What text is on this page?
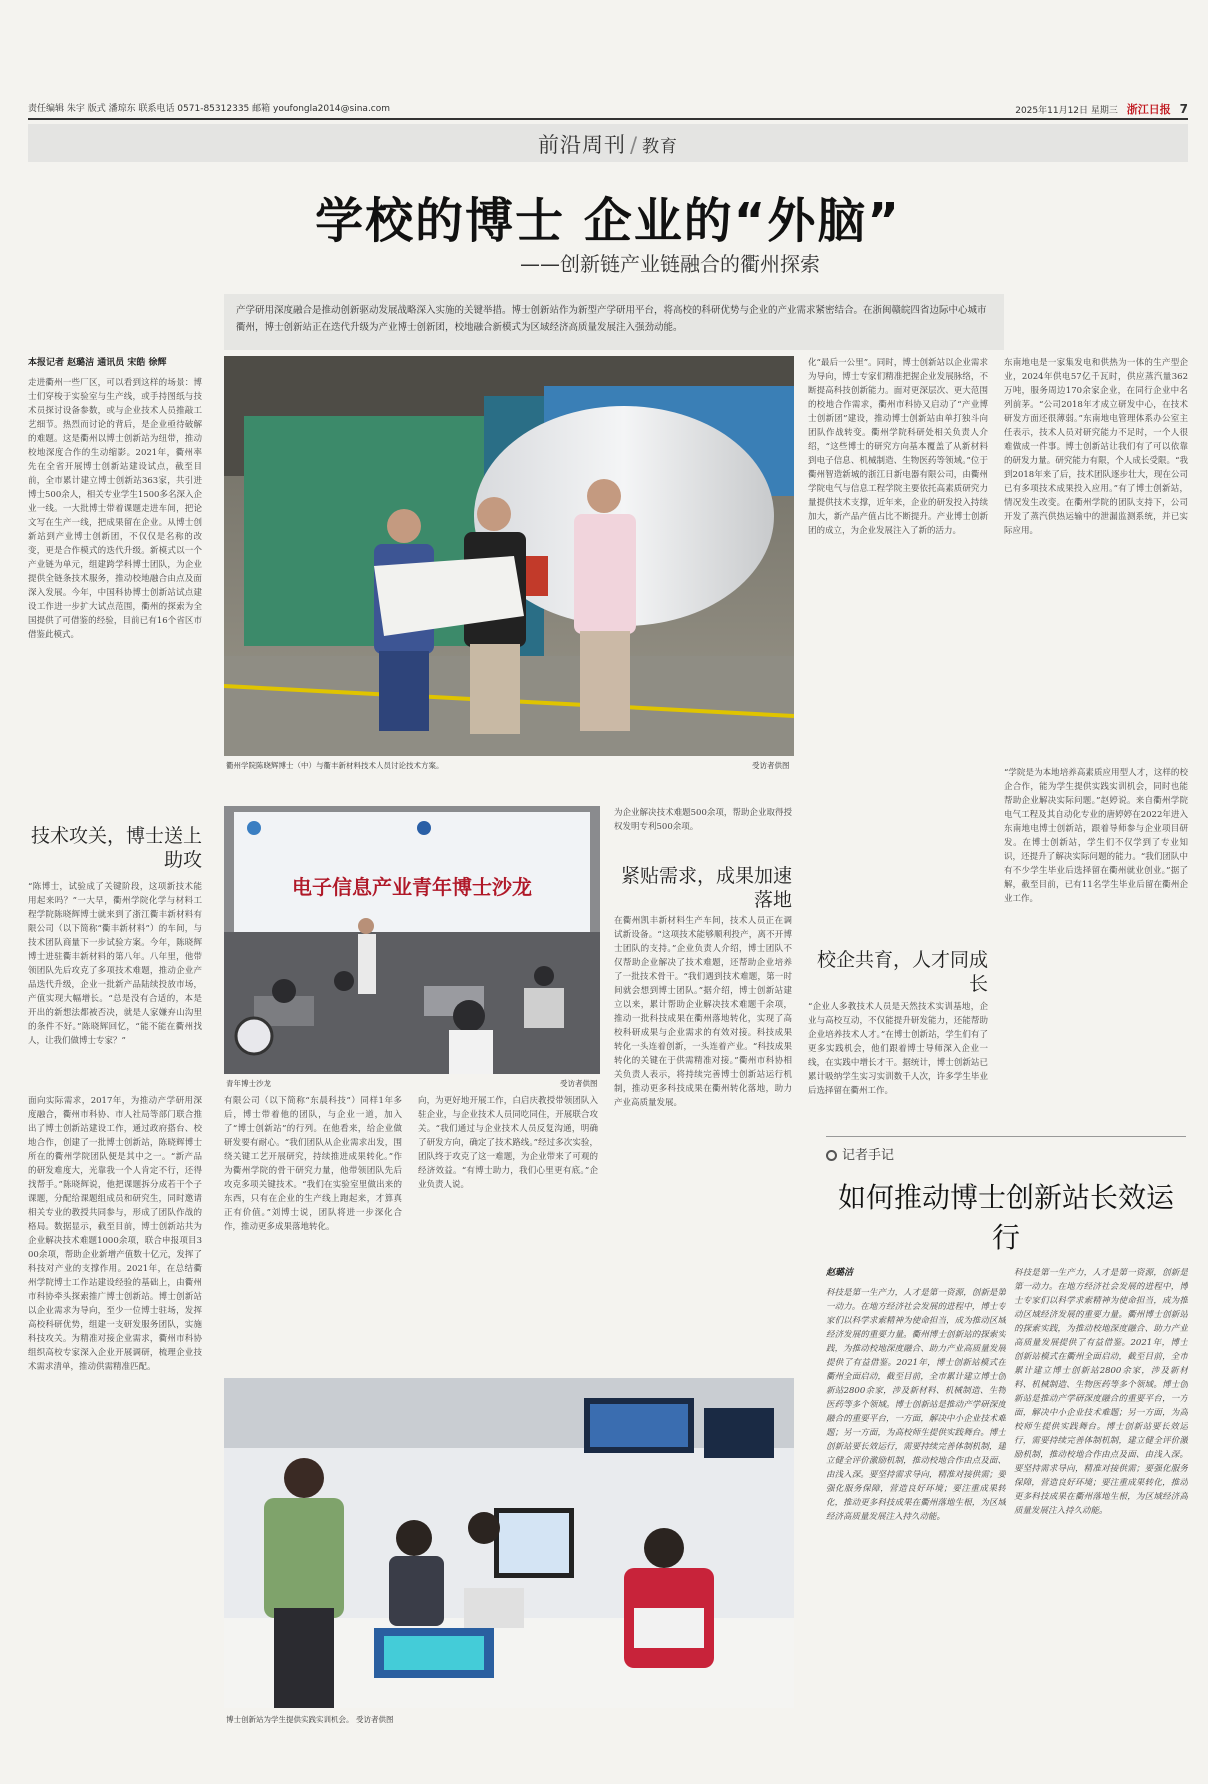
责任编辑 朱宇 版式 潘琼东 联系电话 0571-85312335 邮箱 youfongla2014@sina.com	2025年11月12日 星期三 浙江日报 7
前沿周刊 / 教育
学校的博士 企业的“外脑”
——创新链产业链融合的衢州探索
产学研用深度融合是推动创新驱动发展战略深入实施的关键举措。博士创新站作为新型产学研用平台，将高校的科研优势与企业的产业需求紧密结合。在浙闽赣皖四省边际中心城市衢州，博士创新站正在迭代升级为产业博士创新团，校地融合新模式为区域经济高质量发展注入强劲动能。
本报记者 赵璐洁 通讯员 宋皓 徐辉
走进衢州一些厂区，可以看到这样的场景：博士们穿梭于实验室与生产线，或手持图纸与技术员探讨设备参数，或与企业技术人员推敲工艺细节。热烈而讨论的背后，是企业亟待破解的难题。这是衢州以博士创新站为纽带，推动校地深度合作的生动缩影。2021年，衢州率先在全省开展博士创新站建设试点，截至目前，全市累计建立博士创新站363家，共引进博士500余人，相关专业学生1500多名深入企业一线。一大批博士带着课题走进车间，把论文写在生产一线，把成果留在企业。从博士创新站到产业博士创新团，不仅仅是名称的改变，更是合作模式的迭代升级。新模式以一个产业链为单元，组建跨学科博士团队，为企业提供全链条技术服务，推动校地融合由点及面深入发展。今年，中国科协博士创新站试点建设工作进一步扩大试点范围，衢州的探索为全国提供了可借鉴的经验，目前已有16个省区市借鉴此模式。
衢州学院陈晓辉博士（中）与衢丰新材料技术人员讨论技术方案。	受访者供图
技术攻关，博士送上助攻
“陈博士，试验成了关键阶段，这项新技术能用起来吗？”一大早，衢州学院化学与材料工程学院陈晓辉博士就来到了浙江衢丰新材料有限公司（以下简称“衢丰新材料”）的车间，与技术团队商量下一步试验方案。今年，陈晓辉博士进驻衢丰新材料的第八年。八年里，他带领团队先后攻克了多项技术难题，推动企业产品迭代升级，企业一批新产品陆续投放市场，产值实现大幅增长。“总是没有合适的，本是开出的新想法都被否决，就是人家嫌弃山沟里的条件不好。”陈晓辉回忆，“能不能在衢州找人，让我们做博士专家？”
电子信息产业青年博士沙龙
青年博士沙龙	受访者供图
为企业解决技术难题500余项，帮助企业取得授权发明专利500余项。
紧贴需求，成果加速落地
在衢州凯丰新材料生产车间，技术人员正在调试新设备。“这项技术能够顺利投产，离不开博士团队的支持。”企业负责人介绍，博士团队不仅帮助企业解决了技术难题，还帮助企业培养了一批技术骨干。“我们遇到技术难题，第一时间就会想到博士团队。”据介绍，博士创新站建立以来，累计帮助企业解决技术难题千余项，推动一批科技成果在衢州落地转化，实现了高校科研成果与企业需求的有效对接。科技成果转化一头连着创新，一头连着产业。“科技成果转化的关键在于供需精准对接。”衢州市科协相关负责人表示，将持续完善博士创新站运行机制，推动更多科技成果在衢州转化落地，助力产业高质量发展。
面向实际需求，2017年，为推动产学研用深度融合，衢州市科协、市人社局等部门联合推出了博士创新站建设工作，通过政府搭台、校地合作，创建了一批博士创新站，陈晓辉博士所在的衢州学院团队便是其中之一。“新产品的研发难度大，光靠我一个人肯定不行，还得找帮手。”陈晓辉说，他把课题拆分成若干个子课题，分配给课题组成员和研究生，同时邀请相关专业的教授共同参与，形成了团队作战的格局。数据显示，截至目前，博士创新站共为企业解决技术难题1000余项，联合申报项目300余项，帮助企业新增产值数十亿元，发挥了科技对产业的支撑作用。2021年，在总结衢州学院博士工作站建设经验的基础上，由衢州市科协牵头探索推广博士创新站。博士创新站以企业需求为导向，至少一位博士驻场，发挥高校科研优势，组建一支研发服务团队，实施科技攻关。为精准对接企业需求，衢州市科协组织高校专家深入企业开展调研，梳理企业技术需求清单，推动供需精准匹配。
有限公司（以下简称“东晨科技”）同样1年多后，博士带着他的团队，与企业一道，加入了“博士创新站”的行列。在他看来，给企业做研发要有耐心。“我们团队从企业需求出发，围绕关键工艺开展研究，持续推进成果转化。”作为衢州学院的骨干研究力量，他带领团队先后攻克多项关键技术。“我们在实验室里做出来的东西，只有在企业的生产线上跑起来，才算真正有价值。”刘博士说，团队将进一步深化合作，推动更多成果落地转化。
向，为更好地开展工作，白启庆教授带领团队入驻企业，与企业技术人员同吃同住，开展联合攻关。“我们通过与企业技术人员反复沟通，明确了研发方向，确定了技术路线。”经过多次实验，团队终于攻克了这一难题，为企业带来了可观的经济效益。“有博士助力，我们心里更有底。”企业负责人说。
化“最后一公里”。同时，博士创新站以企业需求为导向，博士专家们精准把握企业发展脉络，不断提高科技创新能力。面对更深层次、更大范围的校地合作需求，衢州市科协又启动了“产业博士创新团”建设，推动博士创新站由单打独斗向团队作战转变。衢州学院科研处相关负责人介绍，“这些博士的研究方向基本覆盖了从新材料到电子信息、机械制造、生物医药等领域。”位于衢州智造新城的浙江日新电器有限公司，由衢州学院电气与信息工程学院主要依托高素质研究力量提供技术支撑，近年来，企业的研发投入持续加大，新产品产值占比不断提升。产业博士创新团的成立，为企业发展注入了新的活力。
校企共育，人才同成长
“企业人多教技术人员是天然技术实训基地，企业与高校互动，不仅能提升研发能力，还能帮助企业培养技术人才。”在博士创新站，学生们有了更多实践机会，他们跟着博士导师深入企业一线，在实践中增长才干。据统计，博士创新站已累计吸纳学生实习实训数千人次，许多学生毕业后选择留在衢州工作。
东南地电是一家集发电和供热为一体的生产型企业，2024年供电57亿千瓦时，供应蒸汽量362万吨，服务周边170余家企业，在同行企业中名列前茅。“公司2018年才成立研发中心，在技术研发方面还很薄弱。”东南地电管理体系办公室主任表示，技术人员对研究能力不足时，一个人很难做成一件事。博士创新站让我们有了可以依靠的研发力量。研究能力有限，个人成长受限。“我到2018年来了后，技术团队逐步壮大，现在公司已有多项技术成果投入应用。”有了博士创新站，情况发生改变。在衢州学院的团队支持下，公司开发了蒸汽供热运输中的泄漏监测系统，并已实际应用。
“学院是为本地培养高素质应用型人才，这样的校企合作，能为学生提供实践实训机会，同时也能帮助企业解决实际问题。”赵婷说。来自衢州学院电气工程及其自动化专业的唐婷婷在2022年进入东南地电博士创新站，跟着导师参与企业项目研发。在博士创新站，学生们不仅学到了专业知识，还提升了解决实际问题的能力。“我们团队中有不少学生毕业后选择留在衢州就业创业。”据了解，截至目前，已有11名学生毕业后留在衢州企业工作。
记者手记
如何推动博士创新站长效运行
赵璐洁
科技是第一生产力，人才是第一资源，创新是第一动力。在地方经济社会发展的进程中，博士专家们以科学求索精神为使命担当，成为推动区域经济发展的重要力量。衢州博士创新站的探索实践，为推动校地深度融合、助力产业高质量发展提供了有益借鉴。2021年，博士创新站模式在衢州全面启动，截至目前，全市累计建立博士创新站2800余家，涉及新材料、机械制造、生物医药等多个领域。博士创新站是推动产学研深度融合的重要平台，一方面，解决中小企业技术难题；另一方面，为高校师生提供实践舞台。博士创新站要长效运行，需要持续完善体制机制，建立健全评价激励机制，推动校地合作由点及面、由浅入深。要坚持需求导向，精准对接供需；要强化服务保障，营造良好环境；要注重成果转化，推动更多科技成果在衢州落地生根，为区域经济高质量发展注入持久动能。
科技是第一生产力，人才是第一资源，创新是第一动力。在地方经济社会发展的进程中，博士专家们以科学求索精神为使命担当，成为推动区域经济发展的重要力量。衢州博士创新站的探索实践，为推动校地深度融合、助力产业高质量发展提供了有益借鉴。2021年，博士创新站模式在衢州全面启动，截至目前，全市累计建立博士创新站2800余家，涉及新材料、机械制造、生物医药等多个领域。博士创新站是推动产学研深度融合的重要平台，一方面，解决中小企业技术难题；另一方面，为高校师生提供实践舞台。博士创新站要长效运行，需要持续完善体制机制，建立健全评价激励机制，推动校地合作由点及面、由浅入深。要坚持需求导向，精准对接供需；要强化服务保障，营造良好环境；要注重成果转化，推动更多科技成果在衢州落地生根，为区域经济高质量发展注入持久动能。
博士创新站为学生提供实践实训机会。 受访者供图
